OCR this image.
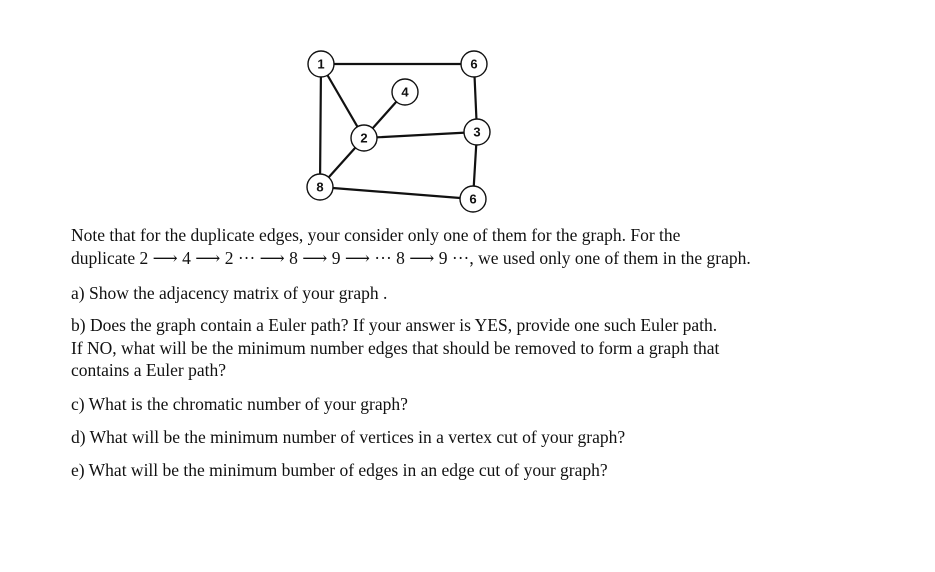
1	6
4
2	3
8
9
Note that for the duplicate edges, your consider only one of them for the graph. For the
duplicate 2 ⟶ 4 ⟶ 2 ··· ⟶ 8 ⟶ 9 ⟶ ··· 8 ⟶ 9 ···, we used only one of them in the graph.
a) Show the adjacency matrix of your graph .
b) Does the graph contain a Euler path? If your answer is YES, provide one such Euler path.
If NO, what will be the minimum number edges that should be removed to form a graph that
contains a Euler path?
c) What is the chromatic number of your graph?
d) What will be the minimum number of vertices in a vertex cut of your graph?
e) What will be the minimum bumber of edges in an edge cut of your graph?
